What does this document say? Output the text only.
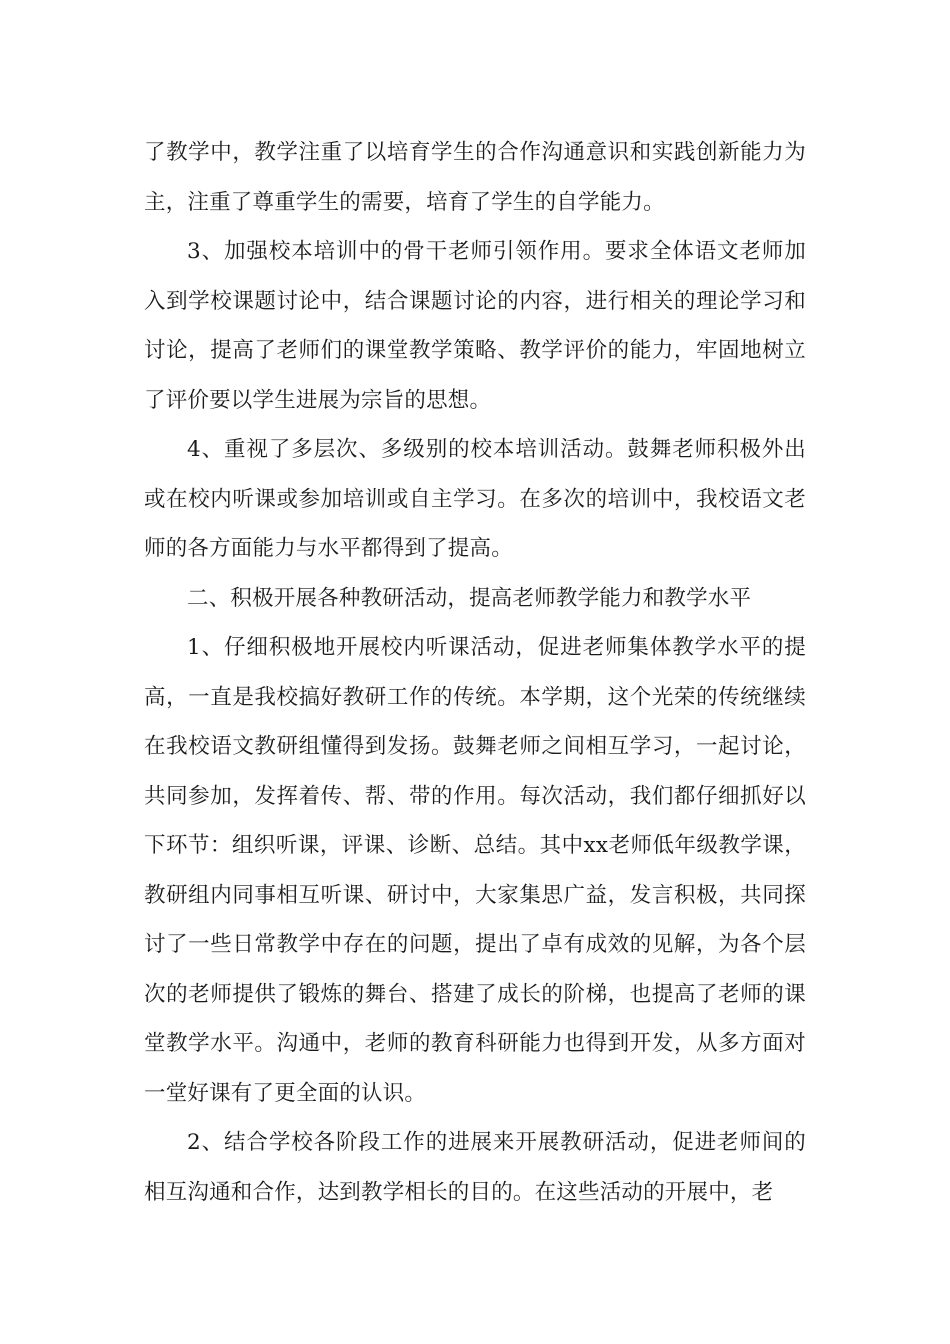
了教学中，教学注重了以培育学生的合作沟通意识和实践创新能力为主，注重了尊重学生的需要，培育了学生的自学能力。

3、加强校本培训中的骨干老师引领作用。要求全体语文老师加入到学校课题讨论中，结合课题讨论的内容，进行相关的理论学习和讨论，提高了老师们的课堂教学策略、教学评价的能力，牢固地树立了评价要以学生进展为宗旨的思想。

4、重视了多层次、多级别的校本培训活动。鼓舞老师积极外出或在校内听课或参加培训或自主学习。在多次的培训中，我校语文老师的各方面能力与水平都得到了提高。

二、积极开展各种教研活动，提高老师教学能力和教学水平

1、仔细积极地开展校内听课活动，促进老师集体教学水平的提高，一直是我校搞好教研工作的传统。本学期，这个光荣的传统继续在我校语文教研组懂得到发扬。鼓舞老师之间相互学习，一起讨论，共同参加，发挥着传、帮、带的作用。每次活动，我们都仔细抓好以下环节：组织听课，评课、诊断、总结。其中xx老师低年级教学课，教研组内同事相互听课、研讨中，大家集思广益，发言积极，共同探讨了一些日常教学中存在的问题，提出了卓有成效的见解，为各个层次的老师提供了锻炼的舞台、搭建了成长的阶梯，也提高了老师的课堂教学水平。沟通中，老师的教育科研能力也得到开发，从多方面对一堂好课有了更全面的认识。

2、结合学校各阶段工作的进展来开展教研活动，促进老师间的相互沟通和合作，达到教学相长的目的。在这些活动的开展中，老
